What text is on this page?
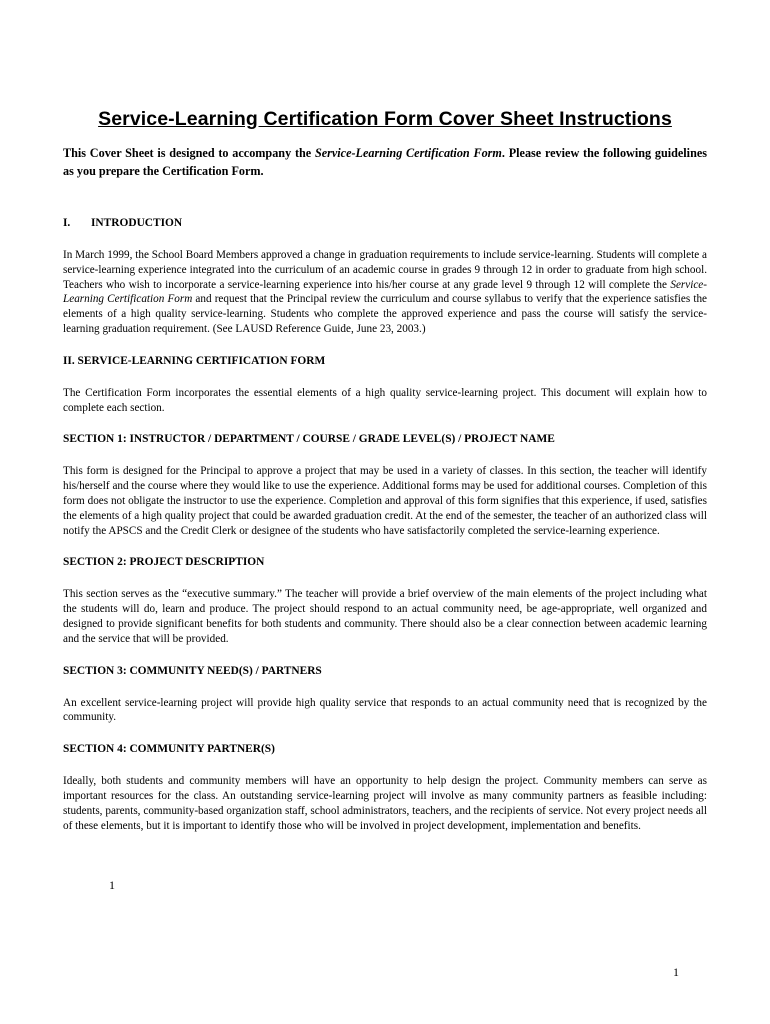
Service-Learning Certification Form Cover Sheet Instructions

This Cover Sheet is designed to accompany the Service-Learning Certification Form. Please review the following guidelines as you prepare the Certification Form.

I. INTRODUCTION

In March 1999, the School Board Members approved a change in graduation requirements to include service-learning. Students will complete a service-learning experience integrated into the curriculum of an academic course in grades 9 through 12 in order to graduate from high school. Teachers who wish to incorporate a service-learning experience into his/her course at any grade level 9 through 12 will complete the Service-Learning Certification Form and request that the Principal review the curriculum and course syllabus to verify that the experience satisfies the elements of a high quality service-learning. Students who complete the approved experience and pass the course will satisfy the service-learning graduation requirement. (See LAUSD Reference Guide, June 23, 2003.)

II. SERVICE-LEARNING CERTIFICATION FORM

The Certification Form incorporates the essential elements of a high quality service-learning project. This document will explain how to complete each section.

SECTION 1: INSTRUCTOR / DEPARTMENT / COURSE / GRADE LEVEL(S) / PROJECT NAME

This form is designed for the Principal to approve a project that may be used in a variety of classes. In this section, the teacher will identify his/herself and the course where they would like to use the experience. Additional forms may be used for additional courses. Completion of this form does not obligate the instructor to use the experience. Completion and approval of this form signifies that this experience, if used, satisfies the elements of a high quality project that could be awarded graduation credit. At the end of the semester, the teacher of an authorized class will notify the APSCS and the Credit Clerk or designee of the students who have satisfactorily completed the service-learning experience.

SECTION 2: PROJECT DESCRIPTION

This section serves as the “executive summary.” The teacher will provide a brief overview of the main elements of the project including what the students will do, learn and produce. The project should respond to an actual community need, be age-appropriate, well organized and designed to provide significant benefits for both students and community. There should also be a clear connection between academic learning and the service that will be provided.

SECTION 3: COMMUNITY NEED(S) / PARTNERS

An excellent service-learning project will provide high quality service that responds to an actual community need that is recognized by the community.

SECTION 4: COMMUNITY PARTNER(S)

Ideally, both students and community members will have an opportunity to help design the project. Community members can serve as important resources for the class. An outstanding service-learning project will involve as many community partners as feasible including: students, parents, community-based organization staff, school administrators, teachers, and the recipients of service. Not every project needs all of these elements, but it is important to identify those who will be involved in project development, implementation and benefits.

1
1
